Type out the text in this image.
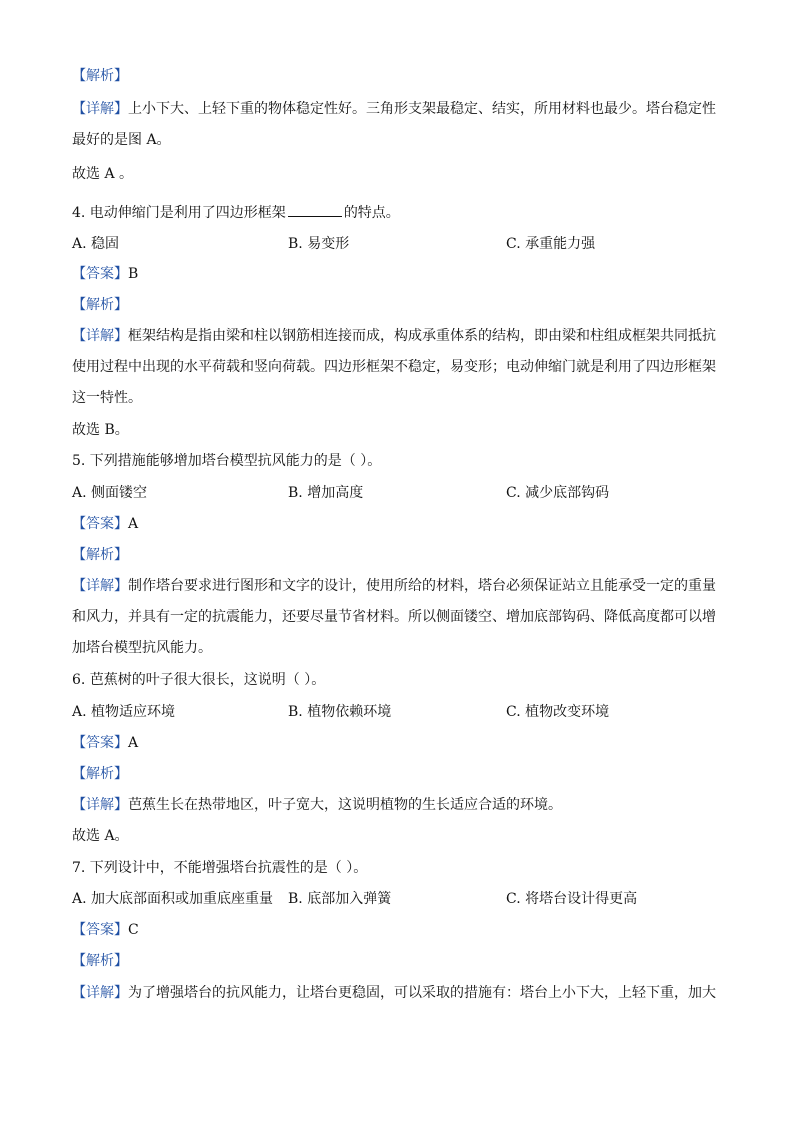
【解析】
【详解】上小下大、上轻下重的物体稳定性好。三角形支架最稳定、结实，所用材料也最少。塔台稳定性
最好的是图 A。
故选 A 。
4. 电动伸缩门是利用了四边形框架	的特点。
A. 稳固	B. 易变形	C. 承重能力强
【答案】B
【解析】
【详解】框架结构是指由梁和柱以钢筋相连接而成，构成承重体系的结构，即由梁和柱组成框架共同抵抗
使用过程中出现的水平荷载和竖向荷载。四边形框架不稳定，易变形；电动伸缩门就是利用了四边形框架
这一特性。
故选 B。
5. 下列措施能够增加塔台模型抗风能力的是（ ）。
A. 侧面镂空	B. 增加高度	C. 减少底部钩码
【答案】A
【解析】
【详解】制作塔台要求进行图形和文字的设计，使用所给的材料，塔台必须保证站立且能承受一定的重量
和风力，并具有一定的抗震能力，还要尽量节省材料。所以侧面镂空、增加底部钩码、降低高度都可以增
加塔台模型抗风能力。
6. 芭蕉树的叶子很大很长，这说明（ ）。
A. 植物适应环境	B. 植物依赖环境	C. 植物改变环境
【答案】A
【解析】
【详解】芭蕉生长在热带地区，叶子宽大，这说明植物的生长适应合适的环境。
故选 A。
7. 下列设计中，不能增强塔台抗震性的是（ ）。
A. 加大底部面积或加重底座重量 B. 底部加入弹簧	C. 将塔台设计得更高
【答案】C
【解析】
【详解】为了增强塔台的抗风能力，让塔台更稳固，可以采取的措施有：塔台上小下大，上轻下重，加大
